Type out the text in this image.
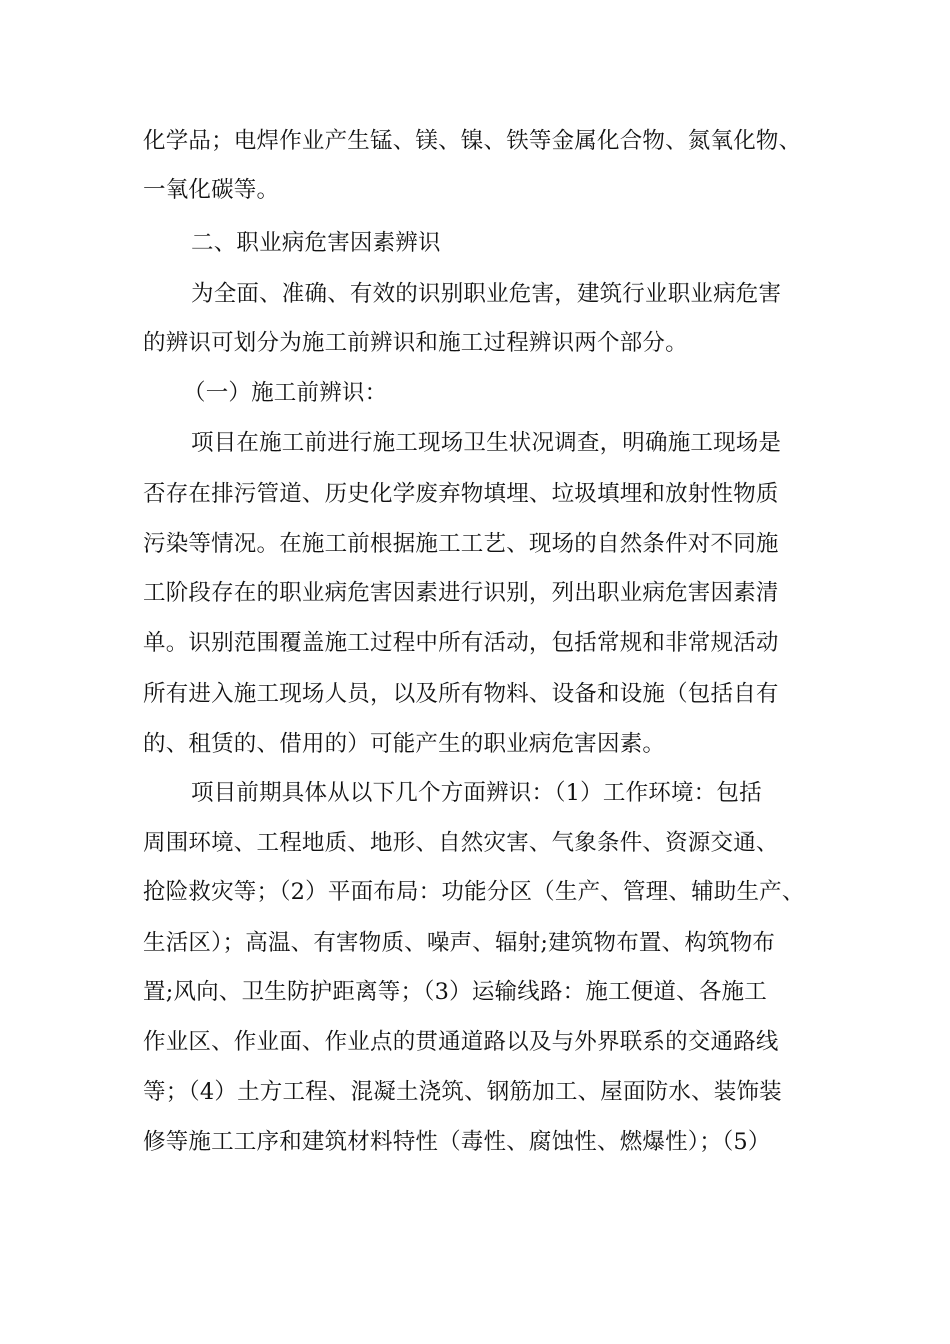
化学品；电焊作业产生锰、镁、镍、铁等金属化合物、氮氧化物、
一氧化碳等。
二、职业病危害因素辨识
为全面、准确、有效的识别职业危害，建筑行业职业病危害
的辨识可划分为施工前辨识和施工过程辨识两个部分。
（一）施工前辨识：
项目在施工前进行施工现场卫生状况调查，明确施工现场是
否存在排污管道、历史化学废弃物填埋、垃圾填埋和放射性物质
污染等情况。在施工前根据施工工艺、现场的自然条件对不同施
工阶段存在的职业病危害因素进行识别，列出职业病危害因素清
单。识别范围覆盖施工过程中所有活动，包括常规和非常规活动
所有进入施工现场人员，以及所有物料、设备和设施（包括自有
的、租赁的、借用的）可能产生的职业病危害因素。
项目前期具体从以下几个方面辨识：（1）工作环境：包括
周围环境、工程地质、地形、自然灾害、气象条件、资源交通、
抢险救灾等；（2）平面布局：功能分区（生产、管理、辅助生产、
生活区）；高温、有害物质、噪声、辐射;建筑物布置、构筑物布
置;风向、卫生防护距离等；（3）运输线路：施工便道、各施工
作业区、作业面、作业点的贯通道路以及与外界联系的交通路线
等；（4）土方工程、混凝土浇筑、钢筋加工、屋面防水、装饰装
修等施工工序和建筑材料特性（毒性、腐蚀性、燃爆性）；（5）
